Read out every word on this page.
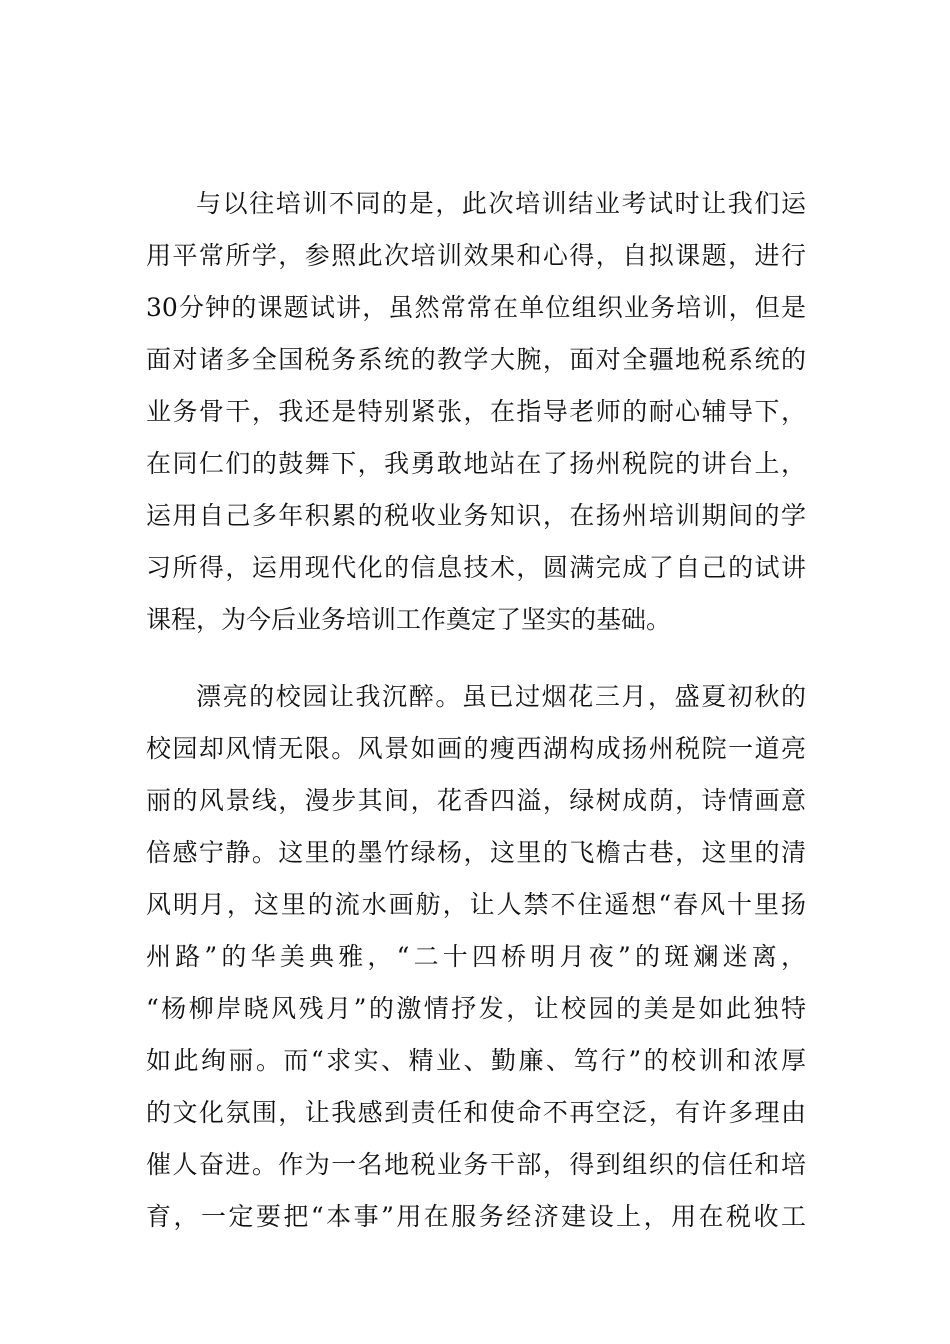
与以往培训不同的是，此次培训结业考试时让我们运
用平常所学，参照此次培训效果和心得，自拟课题，进行
30分钟的课题试讲，虽然常常在单位组织业务培训，但是
面对诸多全国税务系统的教学大腕，面对全疆地税系统的
业务骨干，我还是特别紧张，在指导老师的耐心辅导下，
在同仁们的鼓舞下，我勇敢地站在了扬州税院的讲台上，
运用自己多年积累的税收业务知识，在扬州培训期间的学
习所得，运用现代化的信息技术，圆满完成了自己的试讲
课程，为今后业务培训工作奠定了坚实的基础。
漂亮的校园让我沉醉。虽已过烟花三月，盛夏初秋的
校园却风情无限。风景如画的瘦西湖构成扬州税院一道亮
丽的风景线，漫步其间，花香四溢，绿树成荫，诗情画意
倍感宁静。这里的墨竹绿杨，这里的飞檐古巷，这里的清
风明月，这里的流水画舫，让人禁不住遥想“春风十里扬
州路”的华美典雅，“二十四桥明月夜”的斑斓迷离，
“杨柳岸晓风残月”的激情抒发，让校园的美是如此独特
如此绚丽。而“求实、精业、勤廉、笃行”的校训和浓厚
的文化氛围，让我感到责任和使命不再空泛，有许多理由
催人奋进。作为一名地税业务干部，得到组织的信任和培
育，一定要把“本事”用在服务经济建设上，用在税收工
